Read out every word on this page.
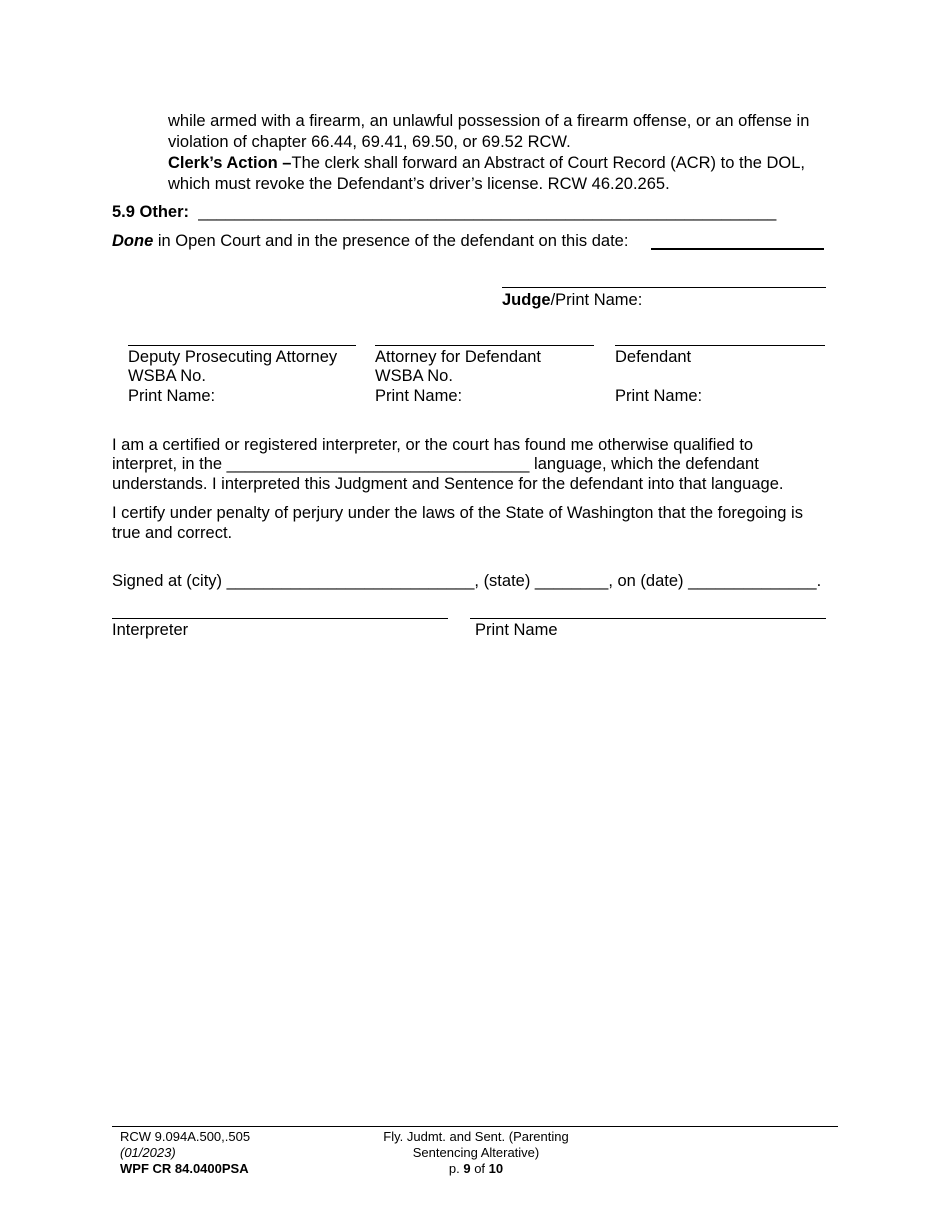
while armed with a firearm, an unlawful possession of a firearm offense, or an offense in
violation of chapter 66.44, 69.41, 69.50, or 69.52 RCW.
Clerk’s Action –The clerk shall forward an Abstract of Court Record (ACR) to the DOL,
which must revoke the Defendant’s driver’s license. RCW 46.20.265.
5.9 Other: _______________________________________________________________
Done in Open Court and in the presence of the defendant on this date:
Judge/Print Name:
Deputy Prosecuting Attorney
WSBA No.
Print Name:
Attorney for Defendant
WSBA No.
Print Name:
Defendant
Print Name:
I am a certified or registered interpreter, or the court has found me otherwise qualified to
interpret, in the _________________________________ language, which the defendant
understands. I interpreted this Judgment and Sentence for the defendant into that language.
I certify under penalty of perjury under the laws of the State of Washington that the foregoing is
true and correct.
Signed at (city) ___________________________, (state) ________, on (date) ______________.
Interpreter	Print Name
RCW 9.094A.500,.505
(01/2023)
WPF CR 84.0400PSA
Fly. Judmt. and Sent. (Parenting
Sentencing Alterative)
p. 9 of 10
